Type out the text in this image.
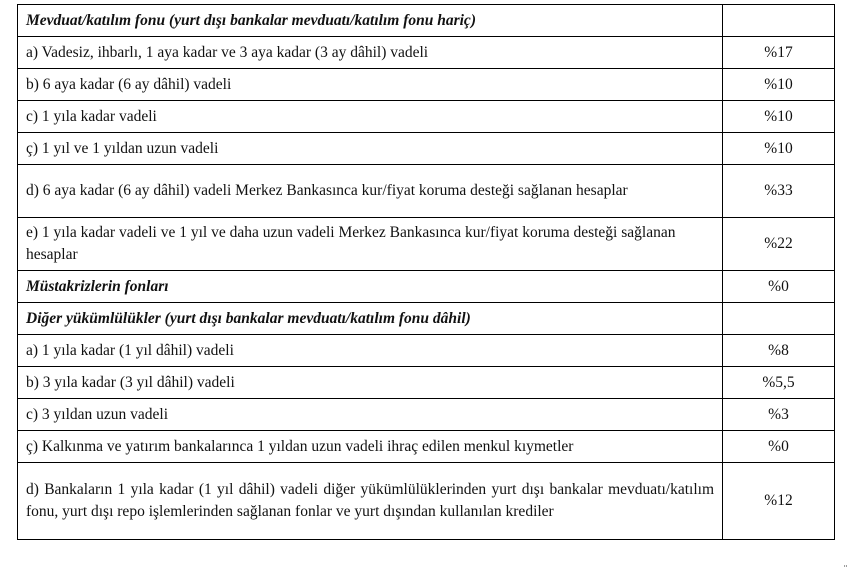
Mevduat/katılım fonu (yurt dışı bankalar mevduatı/katılım fonu hariç)	
a) Vadesiz, ihbarlı, 1 aya kadar ve 3 aya kadar (3 ay dâhil) vadeli	%17
b) 6 aya kadar (6 ay dâhil) vadeli	%10
c) 1 yıla kadar vadeli	%10
ç) 1 yıl ve 1 yıldan uzun vadeli	%10
d) 6 aya kadar (6 ay dâhil) vadeli Merkez Bankasınca kur/fiyat koruma desteği sağlanan hesaplar	%33
e) 1 yıla kadar vadeli ve 1 yıl ve daha uzun vadeli Merkez Bankasınca kur/fiyat koruma desteği sağlanan hesaplar	%22
Müstakrizlerin fonları	%0
Diğer yükümlülükler (yurt dışı bankalar mevduatı/katılım fonu dâhil)	
a) 1 yıla kadar (1 yıl dâhil) vadeli	%8
b) 3 yıla kadar (3 yıl dâhil) vadeli	%5,5
c) 3 yıldan uzun vadeli	%3
ç) Kalkınma ve yatırım bankalarınca 1 yıldan uzun vadeli ihraç edilen menkul kıymetler	%0
d) Bankaların 1 yıla kadar (1 yıl dâhil) vadeli diğer yükümlülüklerinden yurt dışı bankalar mevduatı/katılım fonu, yurt dışı repo işlemlerinden sağlanan fonlar ve yurt dışından kullanılan krediler	%12
¨
